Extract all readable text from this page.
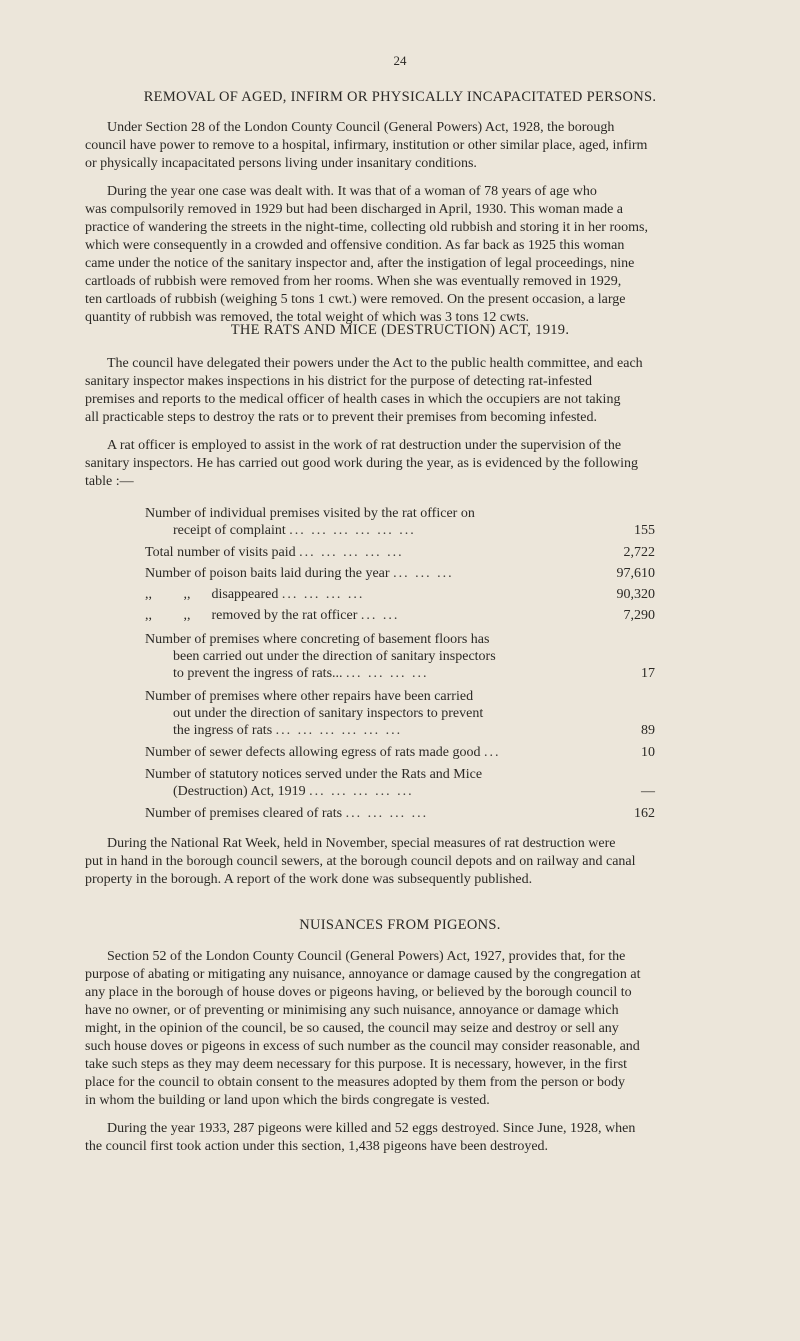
24
REMOVAL OF AGED, INFIRM OR PHYSICALLY INCAPACITATED PERSONS.
Under Section 28 of the London County Council (General Powers) Act, 1928, the borough
council have power to remove to a hospital, infirmary, institution or other similar place, aged, infirm
or physically incapacitated persons living under insanitary conditions.
During the year one case was dealt with. It was that of a woman of 78 years of age who
was compulsorily removed in 1929 but had been discharged in April, 1930. This woman made a
practice of wandering the streets in the night-time, collecting old rubbish and storing it in her rooms,
which were consequently in a crowded and offensive condition. As far back as 1925 this woman
came under the notice of the sanitary inspector and, after the instigation of legal proceedings, nine
cartloads of rubbish were removed from her rooms. When she was eventually removed in 1929,
ten cartloads of rubbish (weighing 5 tons 1 cwt.) were removed. On the present occasion, a large
quantity of rubbish was removed, the total weight of which was 3 tons 12 cwts.
THE RATS AND MICE (DESTRUCTION) ACT, 1919.
The council have delegated their powers under the Act to the public health committee, and each
sanitary inspector makes inspections in his district for the purpose of detecting rat-infested
premises and reports to the medical officer of health cases in which the occupiers are not taking
all practicable steps to destroy the rats or to prevent their premises from becoming infested.
A rat officer is employed to assist in the work of rat destruction under the supervision of the
sanitary inspectors. He has carried out good work during the year, as is evidenced by the following
table :—
Number of individual premises visited by the rat officer on
receipt of complaint ... ... ... ... ... ...	155
Total number of visits paid ... ... ... ... ...	2,722
Number of poison baits laid during the year ... ... ...	97,610
,,         ,,      disappeared ... ... ... ...	90,320
,,         ,,      removed by the rat officer ... ...	7,290
Number of premises where concreting of basement floors has
been carried out under the direction of sanitary inspectors
to prevent the ingress of rats... ... ... ... ...	17
Number of premises where other repairs have been carried
out under the direction of sanitary inspectors to prevent
the ingress of rats ... ... ... ... ... ...	89
Number of sewer defects allowing egress of rats made good ...	10
Number of statutory notices served under the Rats and Mice
(Destruction) Act, 1919 ... ... ... ... ...	—
Number of premises cleared of rats ... ... ... ...	162
During the National Rat Week, held in November, special measures of rat destruction were
put in hand in the borough council sewers, at the borough council depots and on railway and canal
property in the borough. A report of the work done was subsequently published.
NUISANCES FROM PIGEONS.
Section 52 of the London County Council (General Powers) Act, 1927, provides that, for the
purpose of abating or mitigating any nuisance, annoyance or damage caused by the congregation at
any place in the borough of house doves or pigeons having, or believed by the borough council to
have no owner, or of preventing or minimising any such nuisance, annoyance or damage which
might, in the opinion of the council, be so caused, the council may seize and destroy or sell any
such house doves or pigeons in excess of such number as the council may consider reasonable, and
take such steps as they may deem necessary for this purpose. It is necessary, however, in the first
place for the council to obtain consent to the measures adopted by them from the person or body
in whom the building or land upon which the birds congregate is vested.
During the year 1933, 287 pigeons were killed and 52 eggs destroyed. Since June, 1928, when
the council first took action under this section, 1,438 pigeons have been destroyed.
